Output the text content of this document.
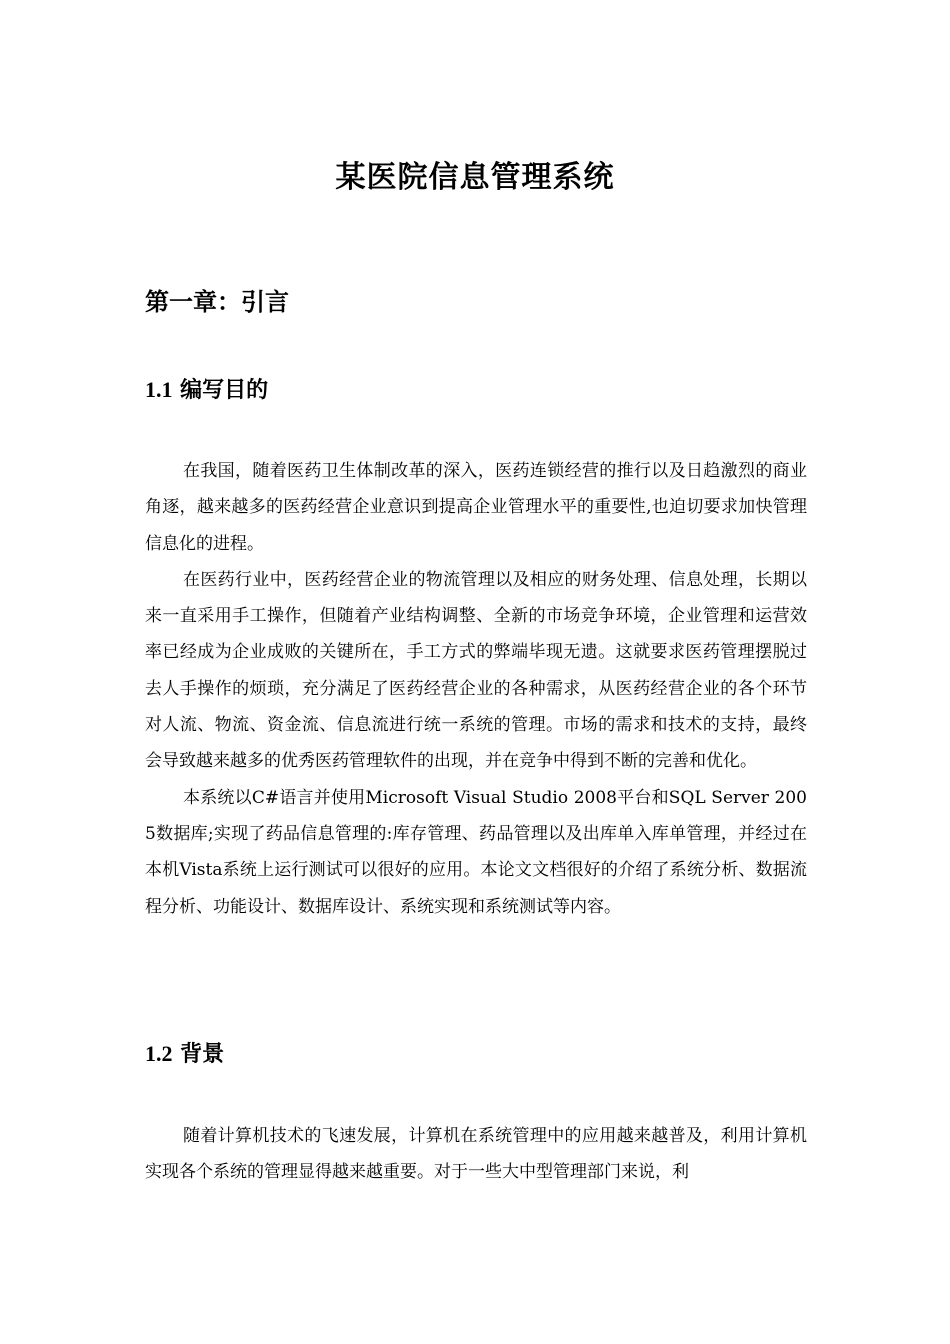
某医院信息管理系统
第一章：引言
1.1 编写目的

在我国，随着医药卫生体制改革的深入，医药连锁经营的推行以及日趋激烈的商业角逐，越来越多的医药经营企业意识到提高企业管理水平的重要性,也迫切要求加快管理信息化的进程。

在医药行业中，医药经营企业的物流管理以及相应的财务处理、信息处理，长期以来一直采用手工操作，但随着产业结构调整、全新的市场竞争环境，企业管理和运营效率已经成为企业成败的关键所在，手工方式的弊端毕现无遗。这就要求医药管理摆脱过去人手操作的烦琐，充分满足了医药经营企业的各种需求，从医药经营企业的各个环节对人流、物流、资金流、信息流进行统一系统的管理。市场的需求和技术的支持，最终会导致越来越多的优秀医药管理软件的出现，并在竞争中得到不断的完善和优化。

本系统以C#语言并使用Microsoft Visual Studio 2008平台和SQL Server 2005数据库;实现了药品信息管理的:库存管理、药品管理以及出库单入库单管理，并经过在本机Vista系统上运行测试可以很好的应用。本论文文档很好的介绍了系统分析、数据流程分析、功能设计、数据库设计、系统实现和系统测试等内容。

1.2 背景

随着计算机技术的飞速发展，计算机在系统管理中的应用越来越普及，利用计算机实现各个系统的管理显得越来越重要。对于一些大中型管理部门来说，利
